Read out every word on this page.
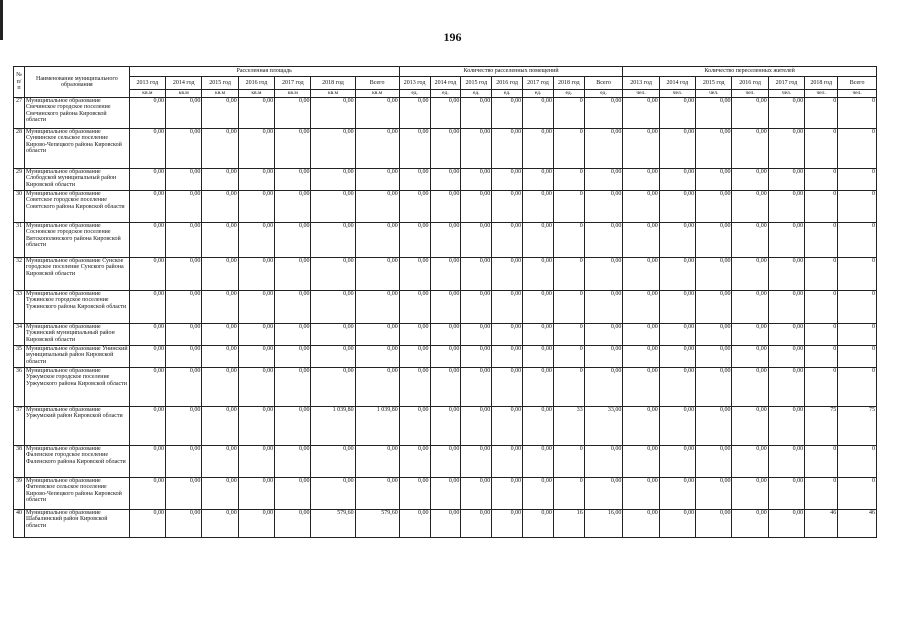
196
№ п/п	Наименование муниципального образования	Расселенная площадь							Количество расселенных помещений							Количество переселенных жителей						
		2013 год	2014 год	2015 год	2016 год	2017 год	2018 год	Всего	2013 год	2014 год	2015 год	2016 год	2017 год	2018 год	Всего	2013 год	2014 год	2015 год	2016 год	2017 год	2018 год	Всего
		кв.м	кв.м	кв.м	кв.м	кв.м	кв.м	кв.м	ед.	ед.	ед.	ед.	ед.	ед.	ед.	чел.	чел.	чел.	чел.	чел.	чел.	чел.
27	Муниципальное образование Свечинское городское поселение Свечинского района Кировской области	0,00	0,00	0,00	0,00	0,00	0,00	0,00	0,00	0,00	0,00	0,00	0,00	0	0,00	0,00	0,00	0,00	0,00	0,00	0	0
28	Муниципальное образование Сунвинское сельское поселение Кирово-Чепецкого района Кировской области	0,00	0,00	0,00	0,00	0,00	0,00	0,00	0,00	0,00	0,00	0,00	0,00	0	0,00	0,00	0,00	0,00	0,00	0,00	0	0
29	Муниципальное образование Слободской муниципальный район Кировской области	0,00	0,00	0,00	0,00	0,00	0,00	0,00	0,00	0,00	0,00	0,00	0,00	0	0,00	0,00	0,00	0,00	0,00	0,00	0	0
30	Муниципальное образование Советское городское поселение Советского района Кировской области	0,00	0,00	0,00	0,00	0,00	0,00	0,00	0,00	0,00	0,00	0,00	0,00	0	0,00	0,00	0,00	0,00	0,00	0,00	0	0
31	Муниципальное образование Сосновское городское поселение Вятскополянского района Кировской области	0,00	0,00	0,00	0,00	0,00	0,00	0,00	0,00	0,00	0,00	0,00	0,00	0	0,00	0,00	0,00	0,00	0,00	0,00	0	0
32	Муниципальное образование Сунское городское поселение Сунского района Кировской области	0,00	0,00	0,00	0,00	0,00	0,00	0,00	0,00	0,00	0,00	0,00	0,00	0	0,00	0,00	0,00	0,00	0,00	0,00	0	0
33	Муниципальное образование Тужинское городское поселение Тужинского района Кировской области	0,00	0,00	0,00	0,00	0,00	0,00	0,00	0,00	0,00	0,00	0,00	0,00	0	0,00	0,00	0,00	0,00	0,00	0,00	0	0
34	Муниципальное образование Тужинский муниципальный район Кировской области	0,00	0,00	0,00	0,00	0,00	0,00	0,00	0,00	0,00	0,00	0,00	0,00	0	0,00	0,00	0,00	0,00	0,00	0,00	0	0
35	Муниципальное образование Унинский муниципальный район Кировской области	0,00	0,00	0,00	0,00	0,00	0,00	0,00	0,00	0,00	0,00	0,00	0,00	0	0,00	0,00	0,00	0,00	0,00	0,00	0	0
36	Муниципальное образование Уржумское городское поселение Уржумского района Кировской области	0,00	0,00	0,00	0,00	0,00	0,00	0,00	0,00	0,00	0,00	0,00	0,00	0	0,00	0,00	0,00	0,00	0,00	0,00	0	0
37	Муниципальное образование Уржумский район Кировской области	0,00	0,00	0,00	0,00	0,00	1 039,80	1 039,80	0,00	0,00	0,00	0,00	0,00	33	33,00	0,00	0,00	0,00	0,00	0,00	75	75
38	Муниципальное образование Фаленское городское поселение Фаленского района Кировской области	0,00	0,00	0,00	0,00	0,00	0,00	0,00	0,00	0,00	0,00	0,00	0,00	0	0,00	0,00	0,00	0,00	0,00	0,00	0	0
39	Муниципальное образование Фатеевское сельское поселение Кирово-Чепецкого района Кировской области	0,00	0,00	0,00	0,00	0,00	0,00	0,00	0,00	0,00	0,00	0,00	0,00	0	0,00	0,00	0,00	0,00	0,00	0,00	0	0
40	Муниципальное образование Шабалинский район Кировской области	0,00	0,00	0,00	0,00	0,00	579,60	579,60	0,00	0,00	0,00	0,00	0,00	16	16,00	0,00	0,00	0,00	0,00	0,00	46	46
